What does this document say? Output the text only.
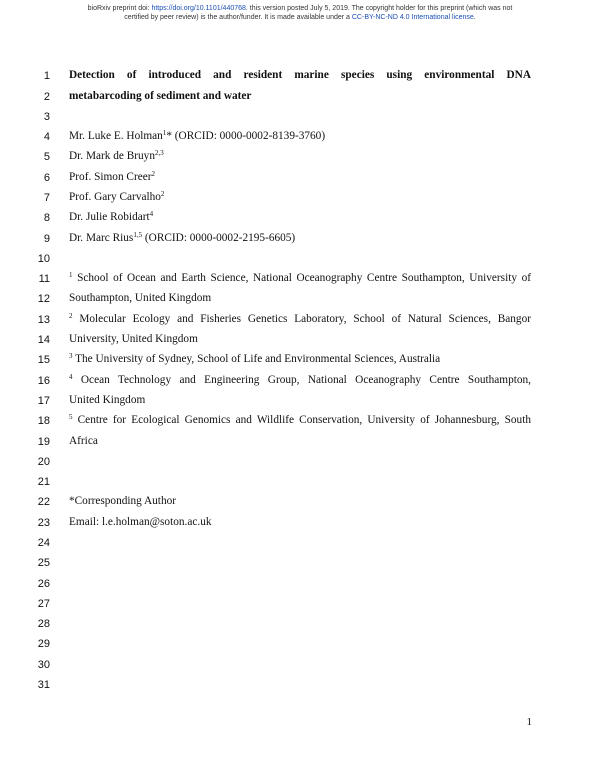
bioRxiv preprint doi: https://doi.org/10.1101/440768. this version posted July 5, 2019. The copyright holder for this preprint (which was not
certified by peer review) is the author/funder. It is made available under a CC-BY-NC-ND 4.0 International license.
1
2
3
4
5
6
7
8
9
10
11
12
13
14
15
16
17
18
19
20
21
22
23
24
25
26
27
28
29
30
31
Detection of introduced and resident marine species using environmental DNA
metabarcoding of sediment and water
Mr. Luke E. Holman$^1$* (ORCID: 0000-0002-8139-3760)
Dr. Mark de Bruyn$^{2,3}$
Prof. Simon Creer$^2$
Prof. Gary Carvalho$^2$
Dr. Julie Robidart$^4$
Dr. Marc Rius$^{1,5}$ (ORCID: 0000-0002-2195-6605)
$^1$ School of Ocean and Earth Science, National Oceanography Centre Southampton, University of
Southampton, United Kingdom
$^2$ Molecular Ecology and Fisheries Genetics Laboratory, School of Natural Sciences, Bangor
University, United Kingdom
$^3$ The University of Sydney, School of Life and Environmental Sciences, Australia
$^4$ Ocean Technology and Engineering Group, National Oceanography Centre Southampton,
United Kingdom
$^5$ Centre for Ecological Genomics and Wildlife Conservation, University of Johannesburg, South
Africa
*Corresponding Author
Email: l.e.holman@soton.ac.uk
1
